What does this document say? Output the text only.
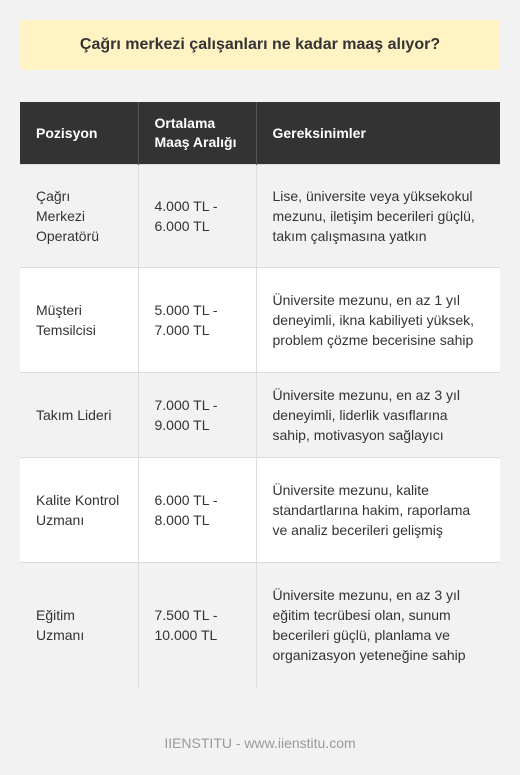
Çağrı merkezi çalışanları ne kadar maaş alıyor?
Pozisyon	Ortalama Maaş Aralığı	Gereksinimler
Çağrı Merkezi Operatörü	4.000 TL - 6.000 TL	Lise, üniversite veya yüksekokul mezunu, iletişim becerileri güçlü, takım çalışmasına yatkın
Müşteri Temsilcisi	5.000 TL - 7.000 TL	Üniversite mezunu, en az 1 yıl deneyimli, ikna kabiliyeti yüksek, problem çözme becerisine sahip
Takım Lideri	7.000 TL - 9.000 TL	Üniversite mezunu, en az 3 yıl deneyimli, liderlik vasıflarına sahip, motivasyon sağlayıcı
Kalite Kontrol Uzmanı	6.000 TL - 8.000 TL	Üniversite mezunu, kalite standartlarına hakim, raporlama ve analiz becerileri gelişmiş
Eğitim Uzmanı	7.500 TL - 10.000 TL	Üniversite mezunu, en az 3 yıl eğitim tecrübesi olan, sunum becerileri güçlü, planlama ve organizasyon yeteneğine sahip
IIENSTITU - www.iienstitu.com
